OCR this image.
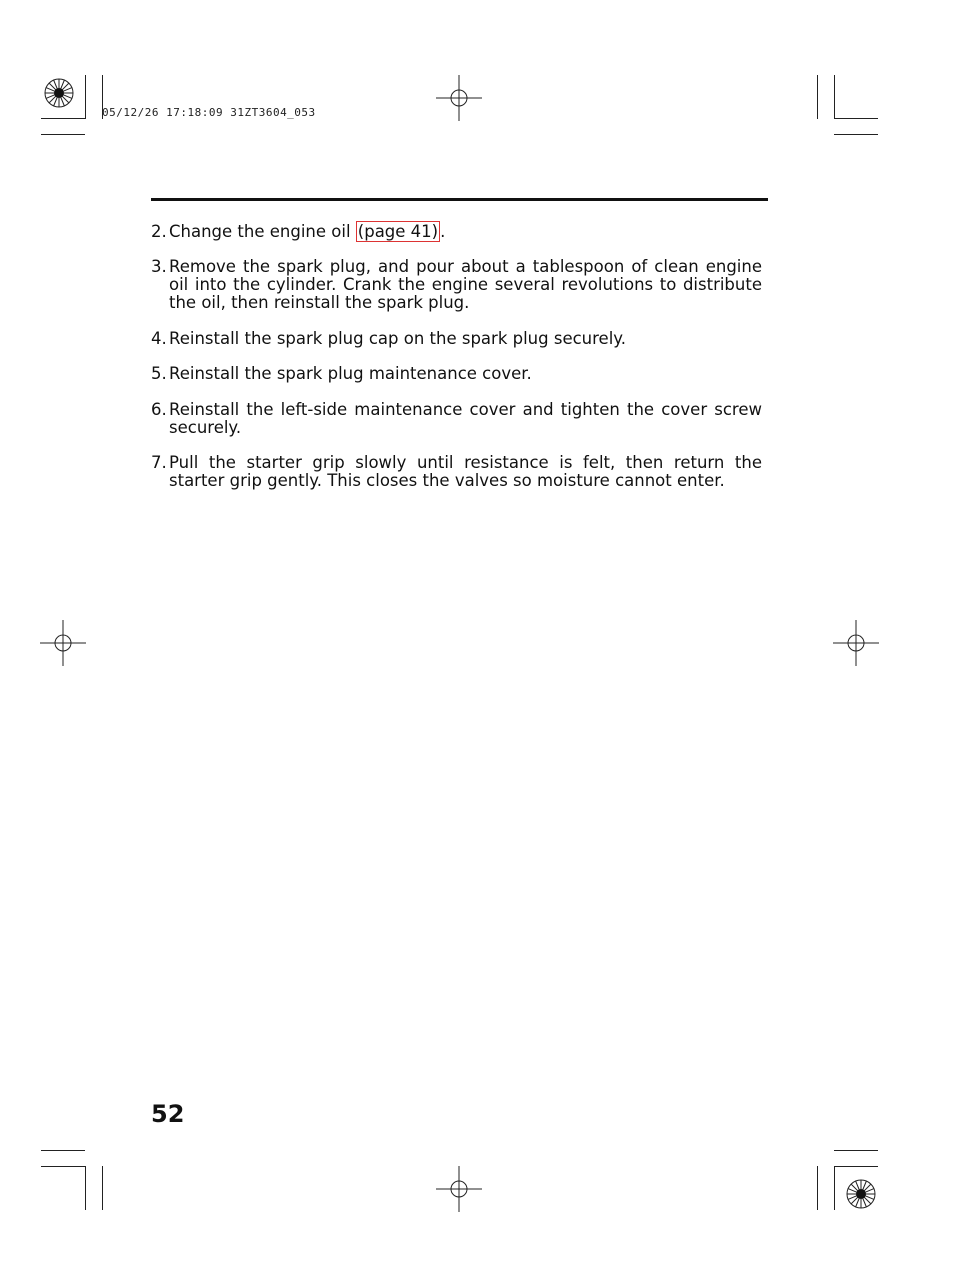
05/12/26 17:18:09 31ZT3604_053
2. Change the engine oil (page 41) .
3. Remove the spark plug, and pour about a tablespoon of clean engine oil into the cylinder. Crank the engine several revolutions to distribute the oil, then reinstall the spark plug.
4. Reinstall the spark plug cap on the spark plug securely.
5. Reinstall the spark plug maintenance cover.
6. Reinstall the left-side maintenance cover and tighten the cover screw securely.
7. Pull the starter grip slowly until resistance is felt, then return the starter grip gently. This closes the valves so moisture cannot enter.
52
